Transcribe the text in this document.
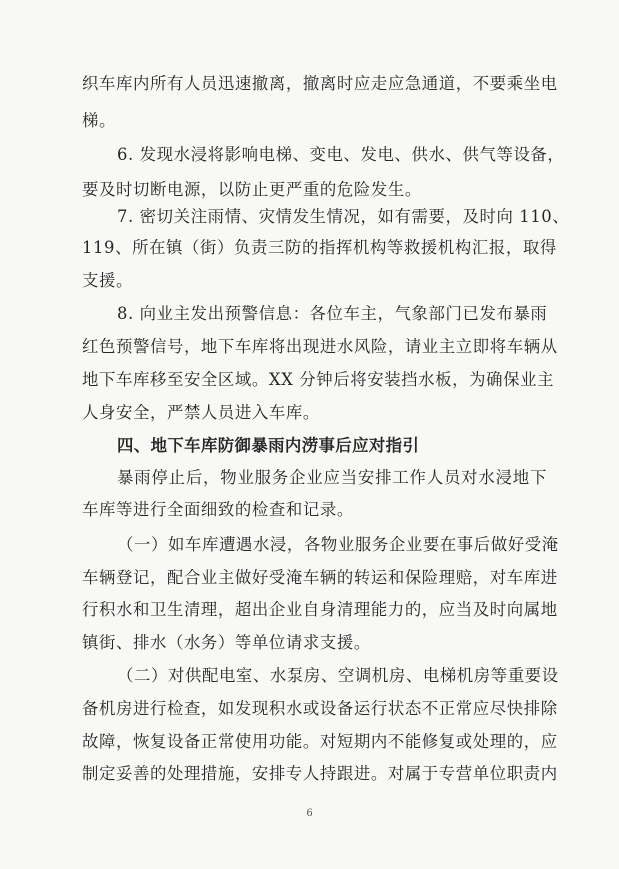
织车库内所有人员迅速撤离，撤离时应走应急通道，不要乘坐电
梯。
6. 发现水浸将影响电梯、变电、发电、供水、供气等设备，
要及时切断电源，以防止更严重的危险发生。
7. 密切关注雨情、灾情发生情况，如有需要，及时向 110、
119、所在镇（街）负责三防的指挥机构等救援机构汇报，取得
支援。
8. 向业主发出预警信息：各位车主，气象部门已发布暴雨
红色预警信号，地下车库将出现进水风险，请业主立即将车辆从
地下车库移至安全区域。XX 分钟后将安装挡水板，为确保业主
人身安全，严禁人员进入车库。
四、地下车库防御暴雨内涝事后应对指引
暴雨停止后，物业服务企业应当安排工作人员对水浸地下
车库等进行全面细致的检查和记录。
（一）如车库遭遇水浸，各物业服务企业要在事后做好受淹
车辆登记，配合业主做好受淹车辆的转运和保险理赔，对车库进
行积水和卫生清理，超出企业自身清理能力的，应当及时向属地
镇街、排水（水务）等单位请求支援。
（二）对供配电室、水泵房、空调机房、电梯机房等重要设
备机房进行检查，如发现积水或设备运行状态不正常应尽快排除
故障，恢复设备正常使用功能。对短期内不能修复或处理的，应
制定妥善的处理措施，安排专人持跟进。对属于专营单位职责内
6
